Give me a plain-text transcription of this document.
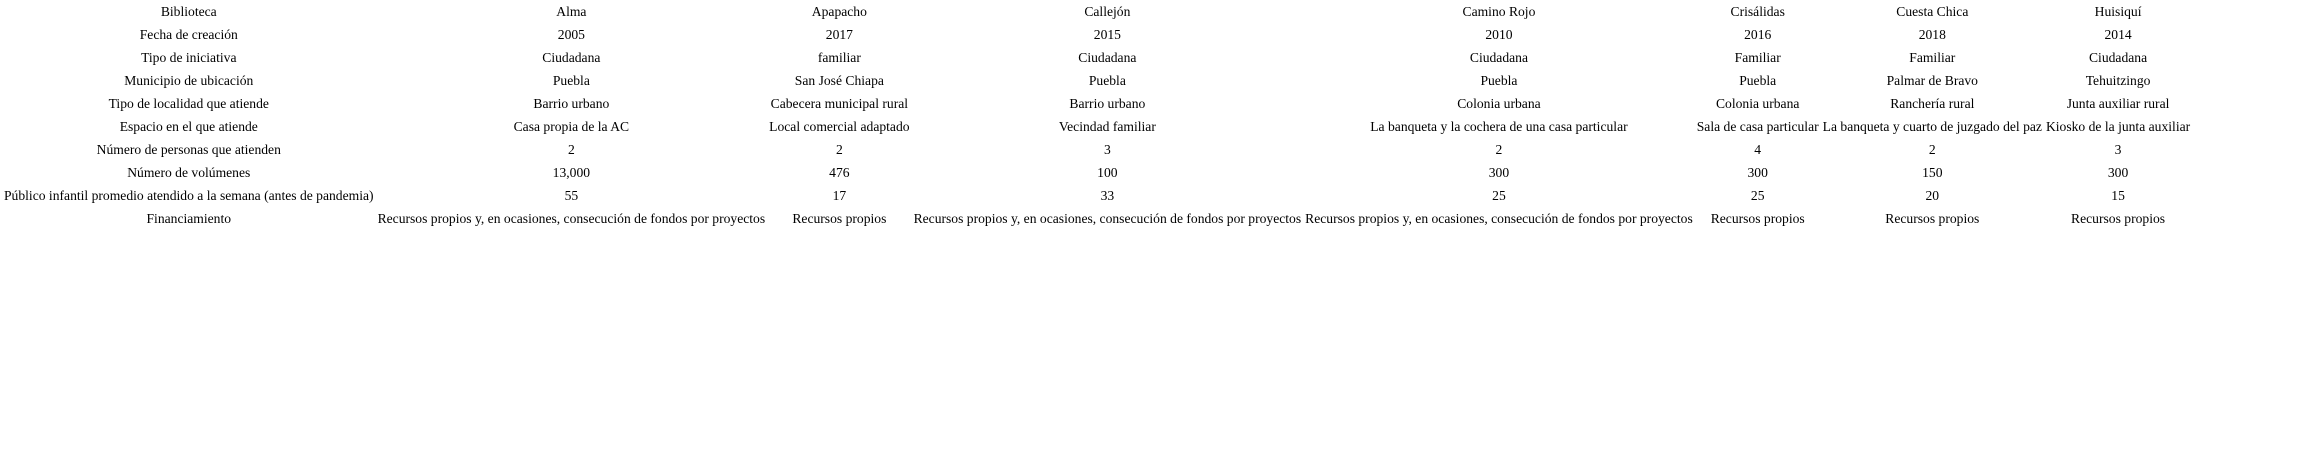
Biblioteca	Alma	Apapacho	Callejón	Camino Rojo	Crisálidas	Cuesta Chica	Huisiquí
Fecha de creación	2005	2017	2015	2010	2016	2018	2014
Tipo de iniciativa	Ciudadana	familiar	Ciudadana	Ciudadana	Familiar	Familiar	Ciudadana
Municipio de ubicación	Puebla	San José Chiapa	Puebla	Puebla	Puebla	Palmar de Bravo	Tehuitzingo
Tipo de localidad que atiende	Barrio urbano	Cabecera municipal rural	Barrio urbano	Colonia urbana	Colonia urbana	Ranchería rural	Junta auxiliar rural
Espacio en el que atiende	Casa propia de la AC	Local comercial adaptado	Vecindad familiar	La banqueta y la cochera de una casa particular	Sala de casa particular	La banqueta y cuarto de juzgado del paz	Kiosko de la junta auxiliar
Número de personas que atienden	2	2	3	2	4	2	3
Número de volúmenes	13,000	476	100	300	300	150	300
Público infantil promedio atendido a la semana (antes de pandemia)	55	17	33	25	25	20	15
Financiamiento	Recursos propios y, en ocasiones, consecución de fondos por proyectos	Recursos propios	Recursos propios y, en ocasiones, consecución de fondos por proyectos	Recursos propios y, en ocasiones, consecución de fondos por proyectos	Recursos propios	Recursos propios	Recursos propios
